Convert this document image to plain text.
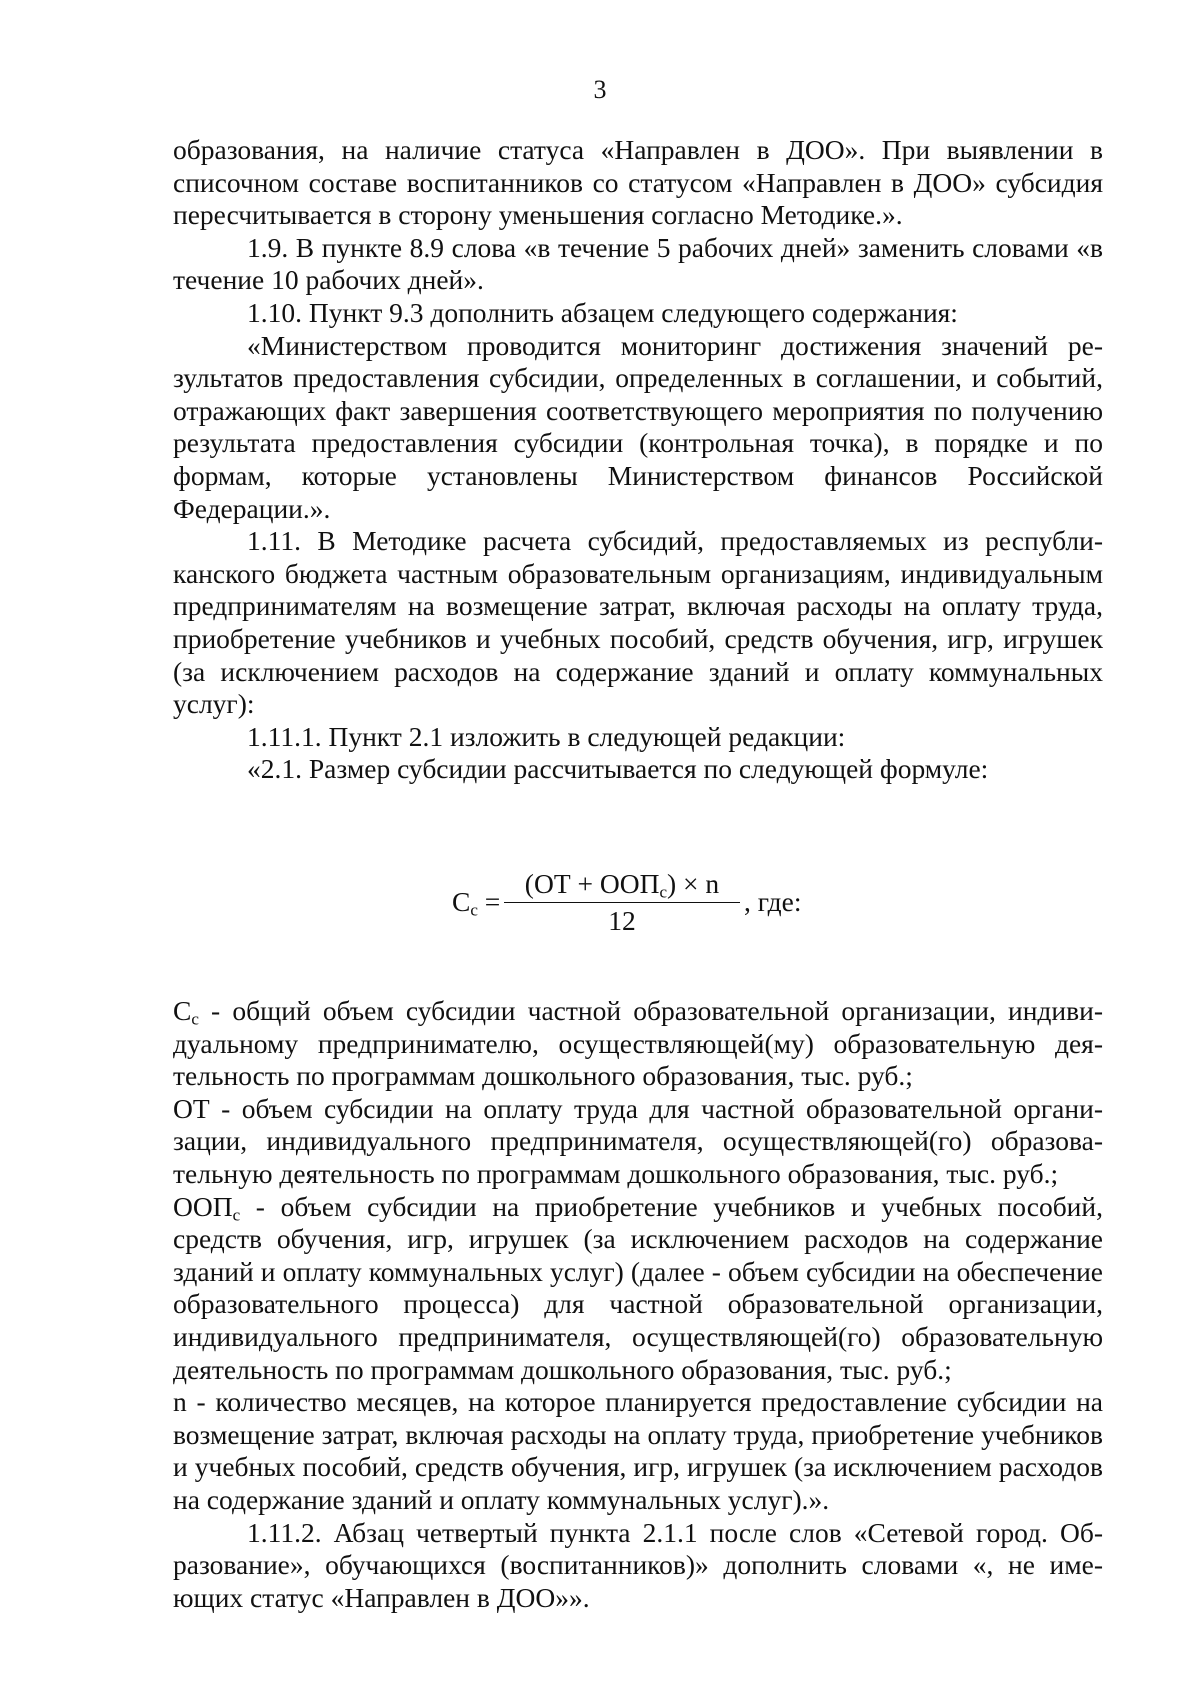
3

образования, на наличие статуса «Направлен в ДОО». При выявлении в списочном составе воспитанников со статусом «Направлен в ДОО» субсидия пересчитывается в сторону уменьшения согласно Методике.».

1.9. В пункте 8.9 слова «в течение 5 рабочих дней» заменить словами «в течение 10 рабочих дней».

1.10. Пункт 9.3 дополнить абзацем следующего содержания:

«Министерством проводится мониторинг достижения значений результатов предоставления субсидии, определенных в соглашении, и событий, отражающих факт завершения соответствующего мероприятия по получению результата предоставления субсидии (контрольная точка), в порядке и по формам, которые установлены Министерством финансов Российской Федерации.».

1.11. В Методике расчета субсидий, предоставляемых из республиканского бюджета частным образовательным организациям, индивидуальным предпринимателям на возмещение затрат, включая расходы на оплату труда, приобретение учебников и учебных пособий, средств обучения, игр, игрушек (за исключением расходов на содержание зданий и оплату коммунальных услуг):

1.11.1. Пункт 2.1 изложить в следующей редакции:

«2.1. Размер субсидии рассчитывается по следующей формуле:

$C_c$ =
$(ОТ + ООП_c) \times n$
12
, где:

$C_c$ - общий объем субсидии частной образовательной организации, индивидуальному предпринимателю, осуществляющей(му) образовательную деятельность по программам дошкольного образования, тыс. руб.;

ОТ - объем субсидии на оплату труда для частной образовательной организации, индивидуального предпринимателя, осуществляющей(го) образовательную деятельность по программам дошкольного образования, тыс. руб.;

$ООП_c$ - объем субсидии на приобретение учебников и учебных пособий, средств обучения, игр, игрушек (за исключением расходов на содержание зданий и оплату коммунальных услуг) (далее - объем субсидии на обеспечение образовательного процесса) для частной образовательной организации, индивидуального предпринимателя, осуществляющей(го) образовательную деятельность по программам дошкольного образования, тыс. руб.;

n - количество месяцев, на которое планируется предоставление субсидии на возмещение затрат, включая расходы на оплату труда, приобретение учебников и учебных пособий, средств обучения, игр, игрушек (за исключением расходов на содержание зданий и оплату коммунальных услуг).».

1.11.2. Абзац четвертый пункта 2.1.1 после слов «Сетевой город. Образование», обучающихся (воспитанников)» дополнить словами «, не имеющих статус «Направлен в ДОО»».
